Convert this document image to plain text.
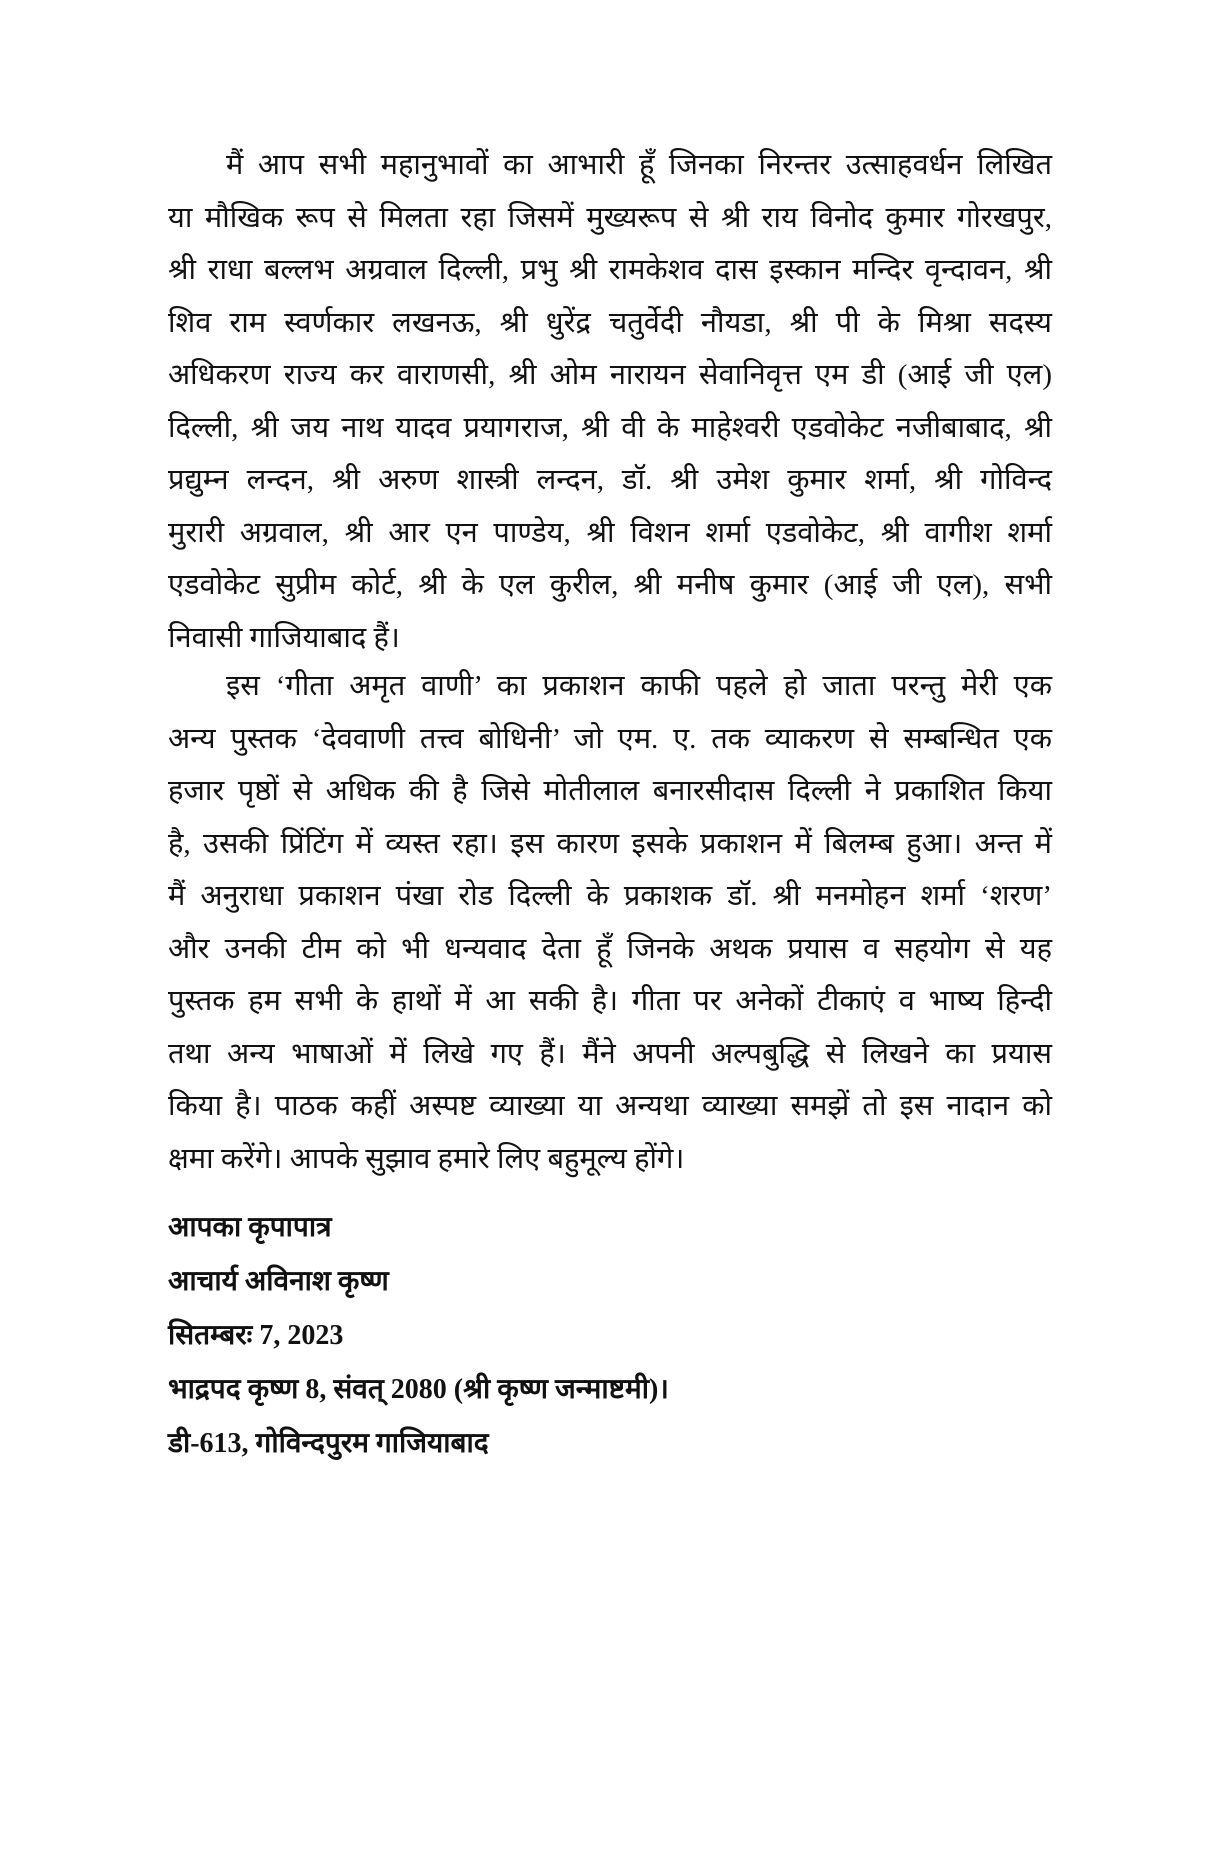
मैं आप सभी महानुभावों का आभारी हूँ जिनका निरन्तर उत्साहवर्धन लिखित
या मौखिक रूप से मिलता रहा जिसमें मुख्यरूप से श्री राय विनोद कुमार गोरखपुर,
श्री राधा बल्लभ अग्रवाल दिल्ली, प्रभु श्री रामकेशव दास इस्कान मन्दिर वृन्दावन, श्री
शिव राम स्वर्णकार लखनऊ, श्री धुरेंद्र चतुर्वेदी नौयडा, श्री पी के मिश्रा सदस्य
अधिकरण राज्य कर वाराणसी, श्री ओम नारायन सेवानिवृत्त एम डी (आई जी एल)
दिल्ली, श्री जय नाथ यादव प्रयागराज, श्री वी के माहेश्वरी एडवोकेट नजीबाबाद, श्री
प्रद्युम्न लन्दन, श्री अरुण शास्त्री लन्दन, डॉ. श्री उमेश कुमार शर्मा, श्री गोविन्द
मुरारी अग्रवाल, श्री आर एन पाण्डेय, श्री विशन शर्मा एडवोकेट, श्री वागीश शर्मा
एडवोकेट सुप्रीम कोर्ट, श्री के एल कुरील, श्री मनीष कुमार (आई जी एल), सभी
निवासी गाजियाबाद हैं।
इस ‘गीता अमृत वाणी’ का प्रकाशन काफी पहले हो जाता परन्तु मेरी एक
अन्य पुस्तक ‘देववाणी तत्त्व बोधिनी’ जो एम. ए. तक व्याकरण से सम्बन्धित एक
हजार पृष्ठों से अधिक की है जिसे मोतीलाल बनारसीदास दिल्ली ने प्रकाशित किया
है, उसकी प्रिंटिंग में व्यस्त रहा। इस कारण इसके प्रकाशन में बिलम्ब हुआ। अन्त में
मैं अनुराधा प्रकाशन पंखा रोड दिल्ली के प्रकाशक डॉ. श्री मनमोहन शर्मा ‘शरण’
और उनकी टीम को भी धन्यवाद देता हूँ जिनके अथक प्रयास व सहयोग से यह
पुस्तक हम सभी के हाथों में आ सकी है। गीता पर अनेकों टीकाएं व भाष्य हिन्दी
तथा अन्य भाषाओं में लिखे गए हैं। मैंने अपनी अल्पबुद्धि से लिखने का प्रयास
किया है। पाठक कहीं अस्पष्ट व्याख्या या अन्यथा व्याख्या समझें तो इस नादान को
क्षमा करेंगे। आपके सुझाव हमारे लिए बहुमूल्य होंगे।
आपका कृपापात्र
आचार्य अविनाश कृष्ण
सितम्बरः 7, 2023
भाद्रपद कृष्ण 8, संवत् 2080 (श्री कृष्ण जन्माष्टमी)।
डी-613, गोविन्दपुरम गाजियाबाद
